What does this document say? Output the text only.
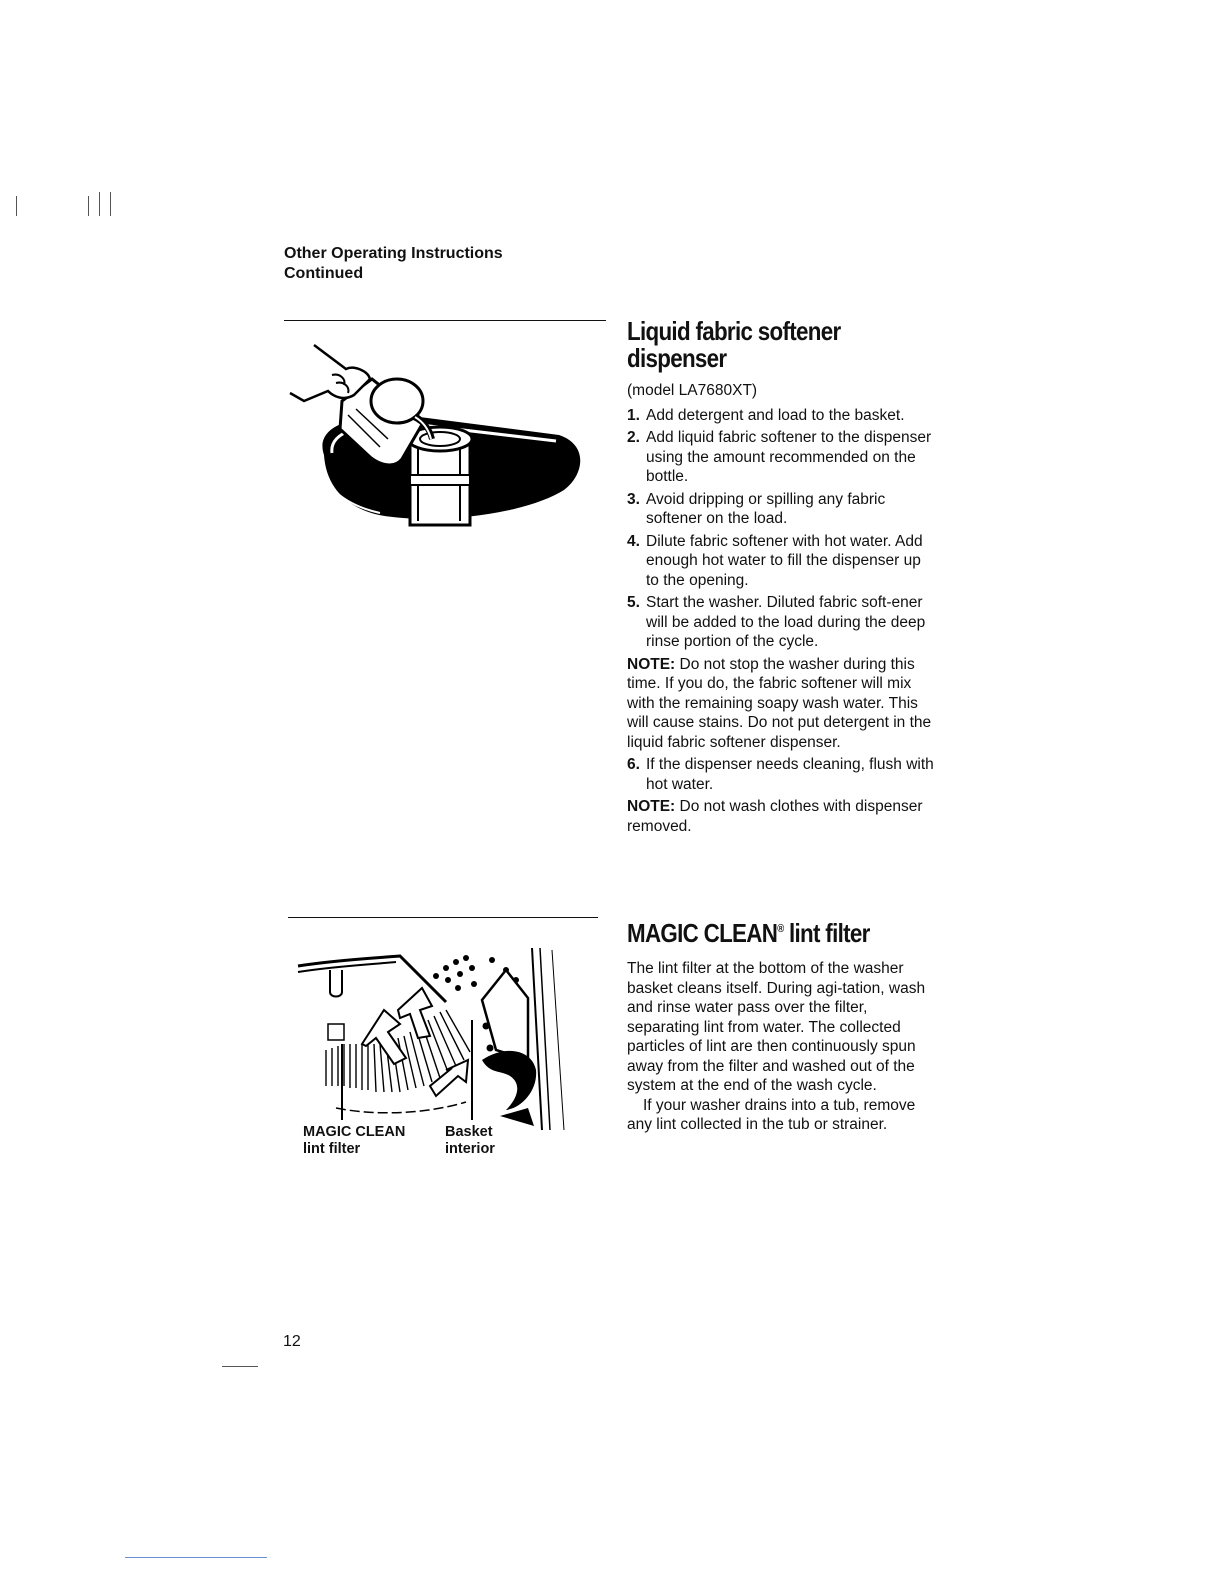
Other Operating Instructions
Continued
MAGIC CLEAN
lint filter
Basket
interior
Liquid fabric softener
dispenser
(model LA7680XT)
1. Add detergent and load to the basket.
2. Add liquid fabric softener to the dispenser using the amount recommended on the bottle.
3. Avoid dripping or spilling any fabric softener on the load.
4. Dilute fabric softener with hot water. Add enough hot water to fill the dispenser up to the opening.
5. Start the washer. Diluted fabric soft-ener will be added to the load during the deep rinse portion of the cycle.
NOTE: Do not stop the washer during this time. If you do, the fabric softener will mix with the remaining soapy wash water. This will cause stains. Do not put detergent in the liquid fabric softener dispenser.
6. If the dispenser needs cleaning, flush with hot water.
NOTE: Do not wash clothes with dispenser removed.
MAGIC CLEAN® lint filter
The lint filter at the bottom of the washer basket cleans itself. During agi-tation, wash and rinse water pass over the filter, separating lint from water. The collected particles of lint are then continuously spun away from the filter and washed out of the system at the end of the wash cycle.
If your washer drains into a tub, remove any lint collected in the tub or strainer.
12
